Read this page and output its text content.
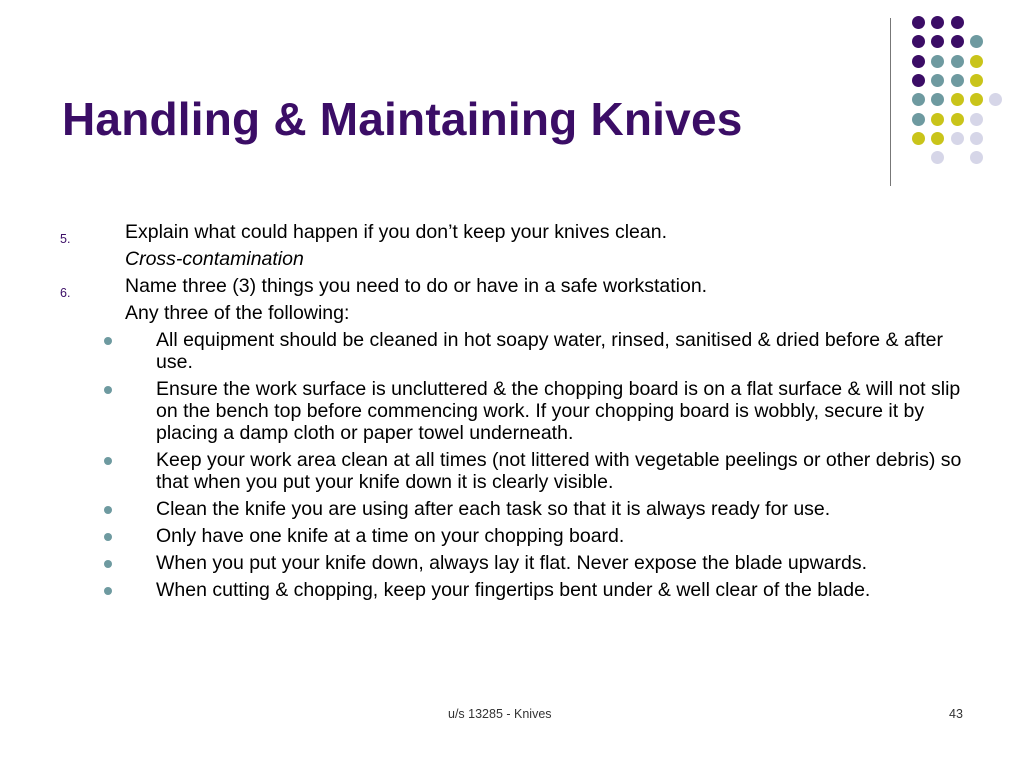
Handling & Maintaining Knives
5.	Explain what could happen if you don’t keep your knives clean.
Cross-contamination
6.	Name three (3) things you need to do or have in a safe workstation.
Any three of the following:
All equipment should be cleaned in hot soapy water, rinsed, sanitised & dried before & after use.
Ensure the work surface is uncluttered & the chopping board is on a flat surface & will not slip on the bench top before commencing work. If your chopping board is wobbly, secure it by placing a damp cloth or paper towel underneath.
Keep your work area clean at all times (not littered with vegetable peelings or other debris) so that when you put your knife down it is clearly visible.
Clean the knife you are using after each task so that it is always ready for use.
Only have one knife at a time on your chopping board.
When you put your knife down, always lay it flat. Never expose the blade upwards.
When cutting & chopping, keep your fingertips bent under & well clear of the blade.
u/s 13285 - Knives	43
